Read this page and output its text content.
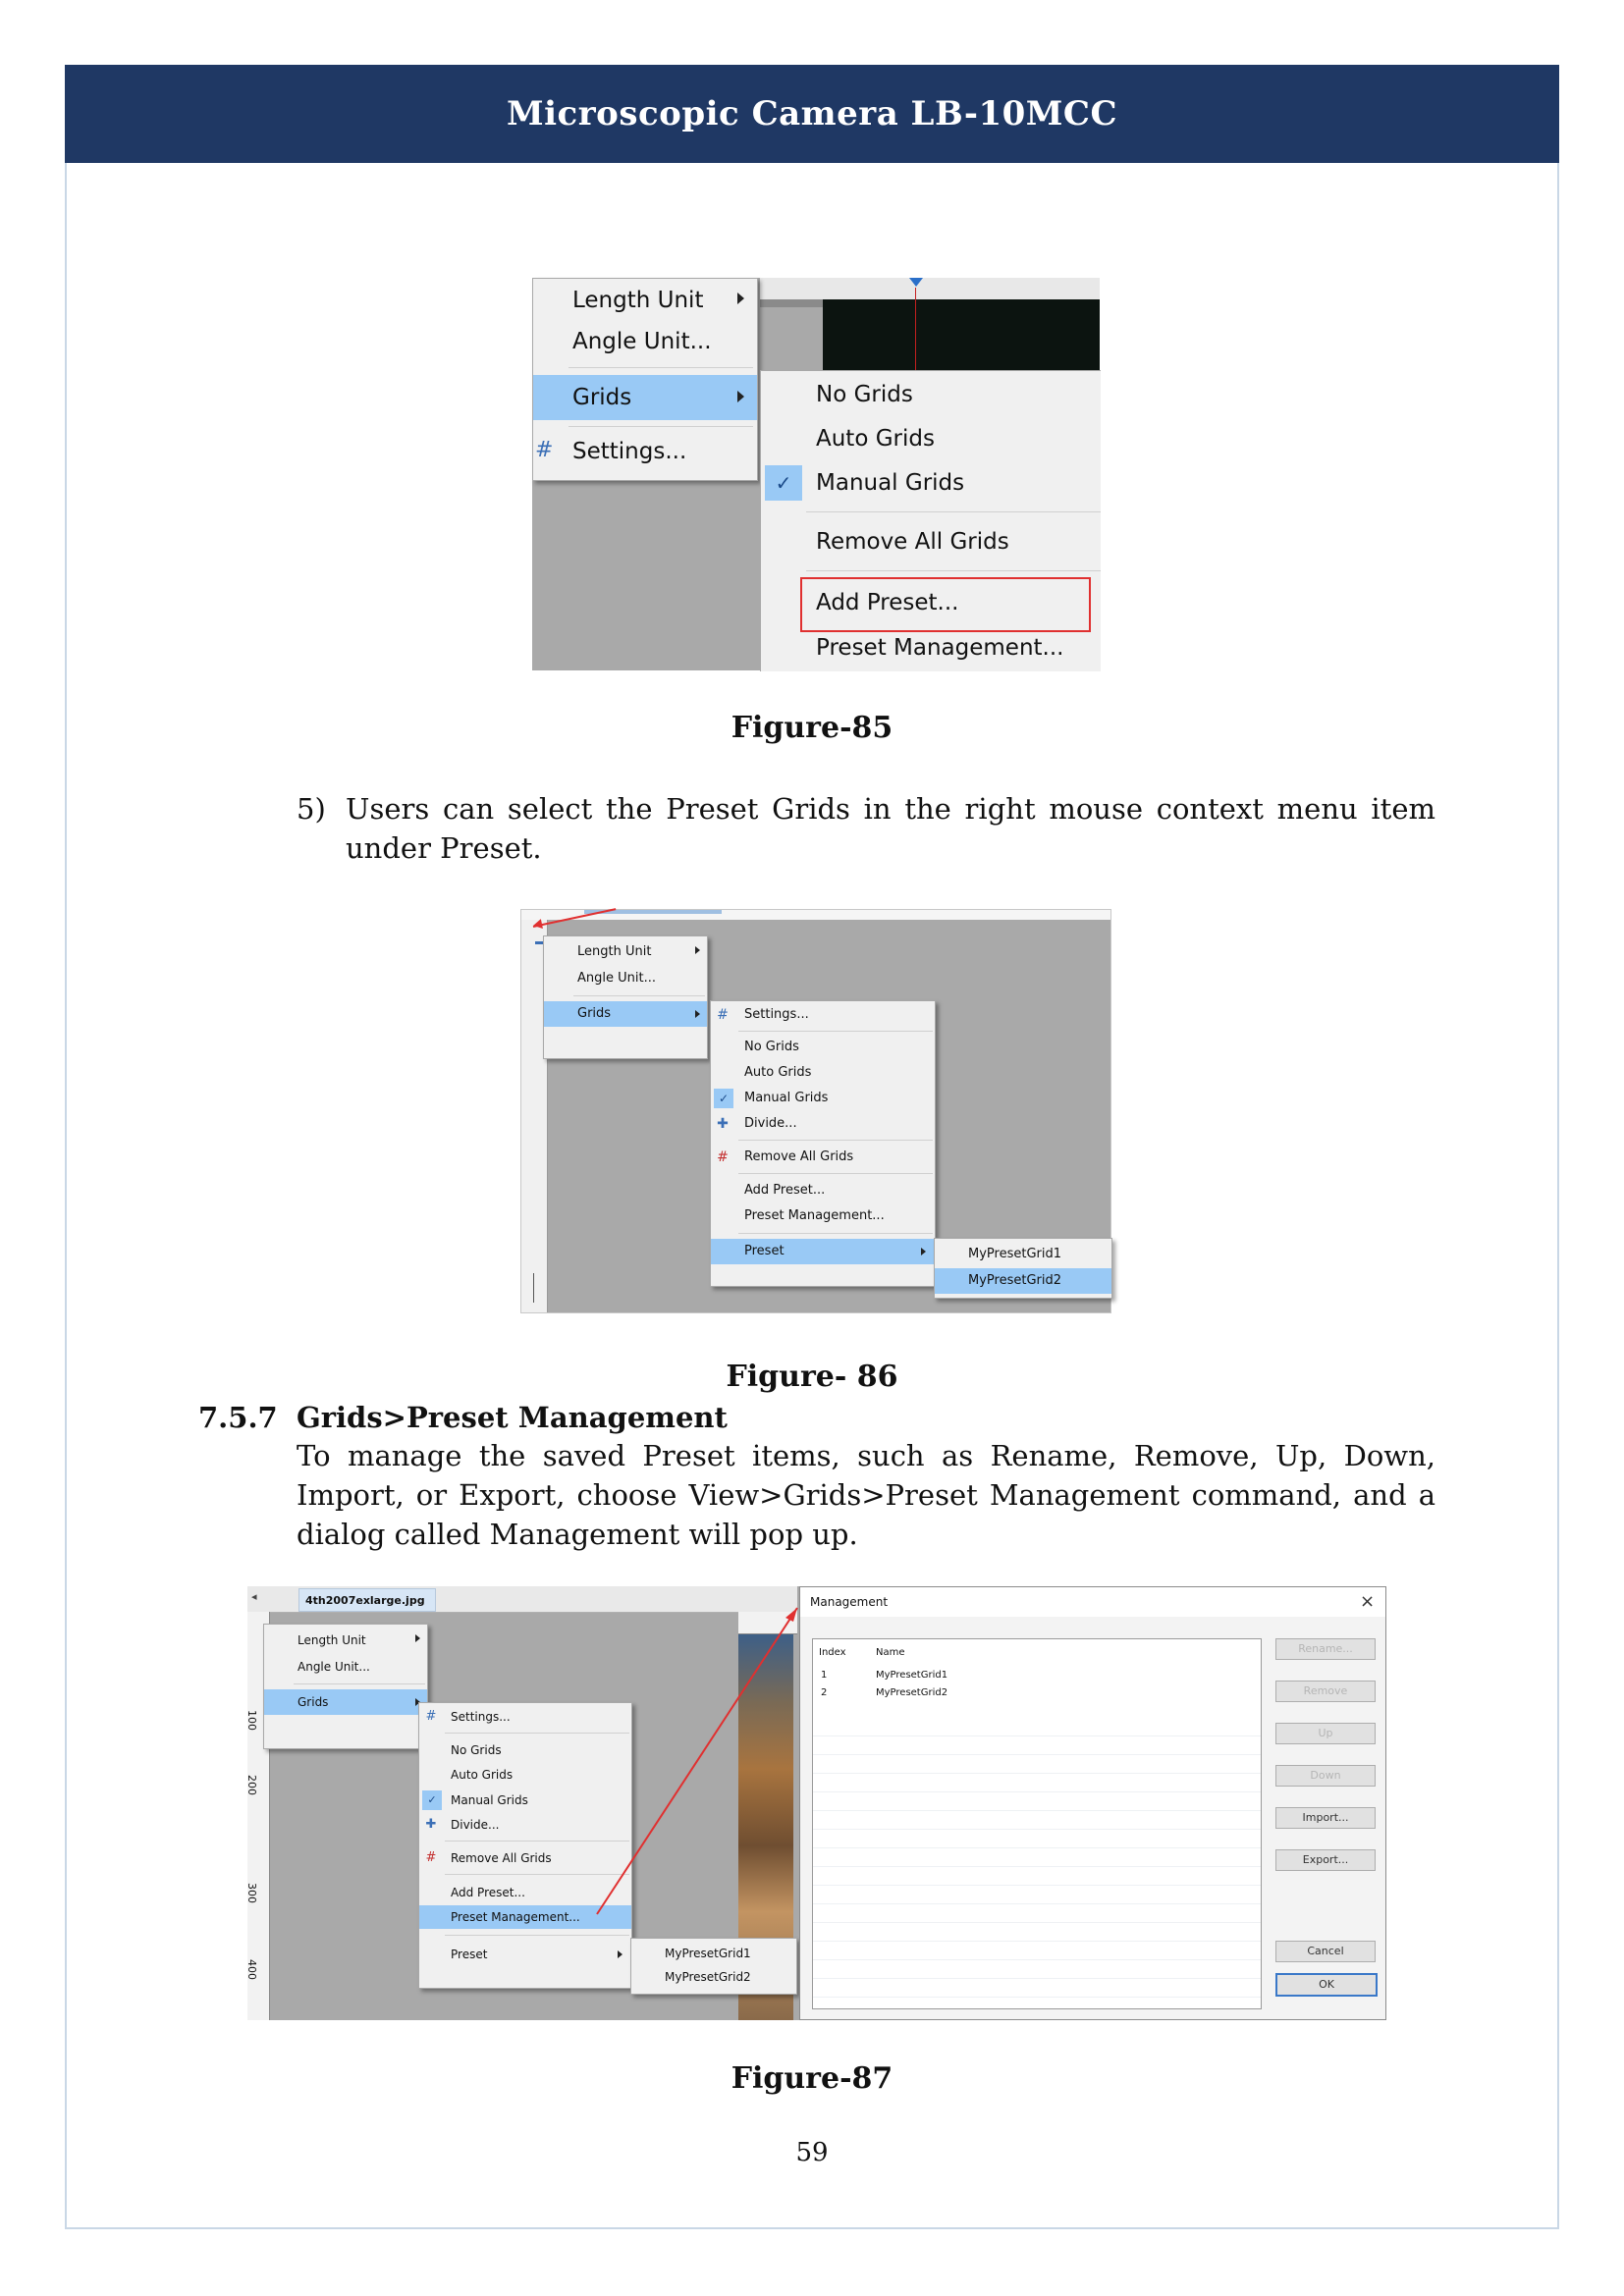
Microscopic Camera LB-10MCC
Length Unit
Angle Unit...
Grids
# Settings...
No Grids
Auto Grids
✓	Manual Grids
Remove All Grids
Add Preset...
Preset Management...
Figure-85
5) Users can select the Preset Grids in the right mouse context menu item under Preset.
Length Unit
Angle Unit...
Grids	#	Settings...
No Grids
Auto Grids
✓	Manual Grids
✚	Divide...
#	Remove All Grids
Add Preset...
Preset Management...
Preset	MyPresetGrid1
MyPresetGrid2
Figure- 86
7.5.7 Grids>Preset Management
To manage the saved Preset items, such as Rename, Remove, Up, Down, Import, or Export, choose View>Grids>Preset Management command, and a dialog called Management will pop up.
4th2007exlarge.jpg
◂
100
200
300
400
Length Unit
Angle Unit...
Grids
#	Settings...
No Grids
Auto Grids
✓	Manual Grids
✚	Divide...
#	Remove All Grids
Add Preset...
Preset Management...
Preset	MyPresetGrid1
MyPresetGrid2
Management	×
Index	Name
1	MyPresetGrid1
2	MyPresetGrid2
Rename...
Remove
Up
Down
Import...
Export...
Cancel
OK
Figure-87
59
